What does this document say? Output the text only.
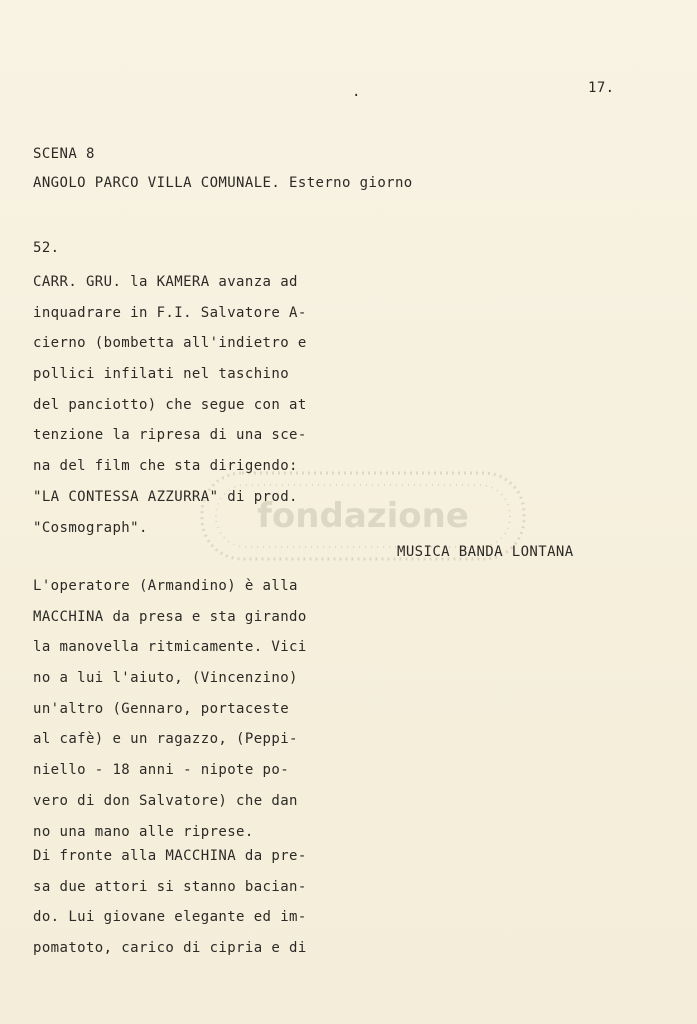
fondazione
17.
.
SCENA 8
ANGOLO PARCO VILLA COMUNALE. Esterno giorno
52.
CARR. GRU. la KAMERA avanza ad
inquadrare in F.I. Salvatore A-
cierno (bombetta all'indietro e
pollici infilati nel taschino
del panciotto) che segue con at
tenzione la ripresa di una sce-
na del film che sta dirigendo:
"LA CONTESSA AZZURRA" di prod.
"Cosmograph".
MUSICA BANDA LONTANA
L'operatore (Armandino) è alla
MACCHINA da presa e sta girando
la manovella ritmicamente. Vici
no a lui l'aiuto, (Vincenzino)
un'altro (Gennaro, portaceste
al cafè) e un ragazzo, (Peppi-
niello - 18 anni - nipote po-
vero di don Salvatore) che dan
no una mano alle riprese.
Di fronte alla MACCHINA da pre-
sa due attori si stanno bacian-
do. Lui giovane elegante ed im-
pomatoto, carico di cipria e di
